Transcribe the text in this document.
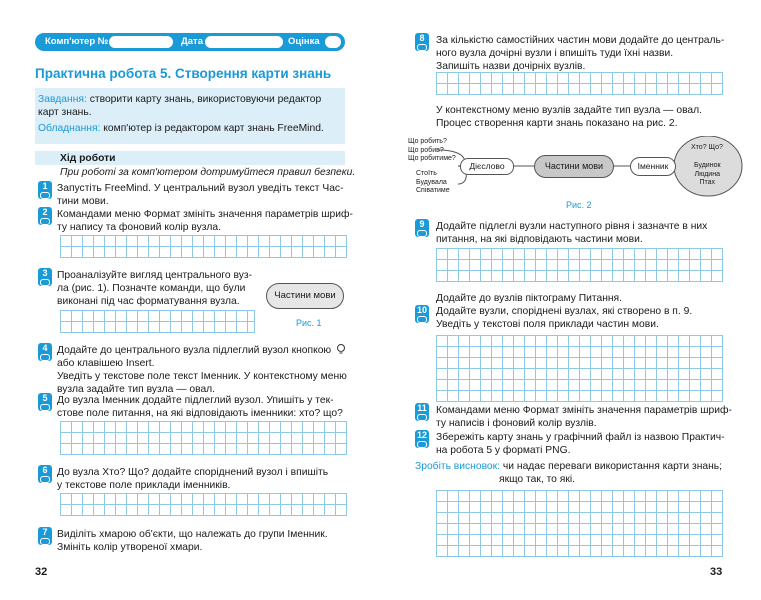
Комп'ютер №	Дата	Оцінка
Практична робота 5. Створення карти знань
Завдання: створити карту знань, використовуючи редактор карт знань.
Обладнання: комп'ютер із редактором карт знань FreeMind.
Хід роботи
При роботі за комп'ютером дотримуйтеся правил безпеки.
1 Запустіть FreeMind. У центральний вузол уведіть текст Час-
тини мови.
2 Командами меню Формат змініть значення параметрів шриф-
ту напису та фоновий колір вузла.
3 Проаналізуйте вигляд центрального вуз-
ла (рис. 1). Позначте команди, що були
виконані під час форматування вузла.
Частини мови
Рис. 1
4 Додайте до центрального вузла підлеглий вузол кнопкою
або клавішею Insert.
Уведіть у текстове поле текст Іменник. У контекстному меню
вузла задайте тип вузла — овал.
5 До вузла Іменник додайте підлеглий вузол. Упишіть у тек-
стове поле питання, на які відповідають іменники: хто? що?
6 До вузла Хто? Що? додайте споріднений вузол і впишіть
у текстове поле приклади іменників.
7 Виділіть хмарою об'єкти, що належать до групи Іменник.
Змініть колір утвореної хмари.
32
8	За кількістю самостійних частин мови додайте до централь-
ного вузла дочірні вузли і впишіть туди їхні назви.
Запишіть назви дочірніх вузлів.
У контекстному меню вузлів задайте тип вузла — овал.
Процес створення карти знань показано на рис. 2.
Що робить?
Що робив?
Що робитиме?
Дієслово
Стоїть
Будувала
Співатиме
Частини мови	Іменник
Хто? Що?
Будинок
Людина
Птах
Рис. 2
9	Додайте підлеглі вузли наступного рівня і зазначте в них
питання, на які відповідають частини мови.
Додайте до вузлів піктограму Питання.
10 Додайте вузли, споріднені вузлах, які створено в п. 9.
Уведіть у текстові поля приклади частин мови.
11 Командами меню Формат змініть значення параметрів шриф-
ту написів і фоновий колір вузлів.
12 Збережіть карту знань у графічний файл із назвою Практич-
на робота 5 у форматі PNG.
Зробіть висновок: чи надає переваги використання карти знань;
якщо так, то які.
33
